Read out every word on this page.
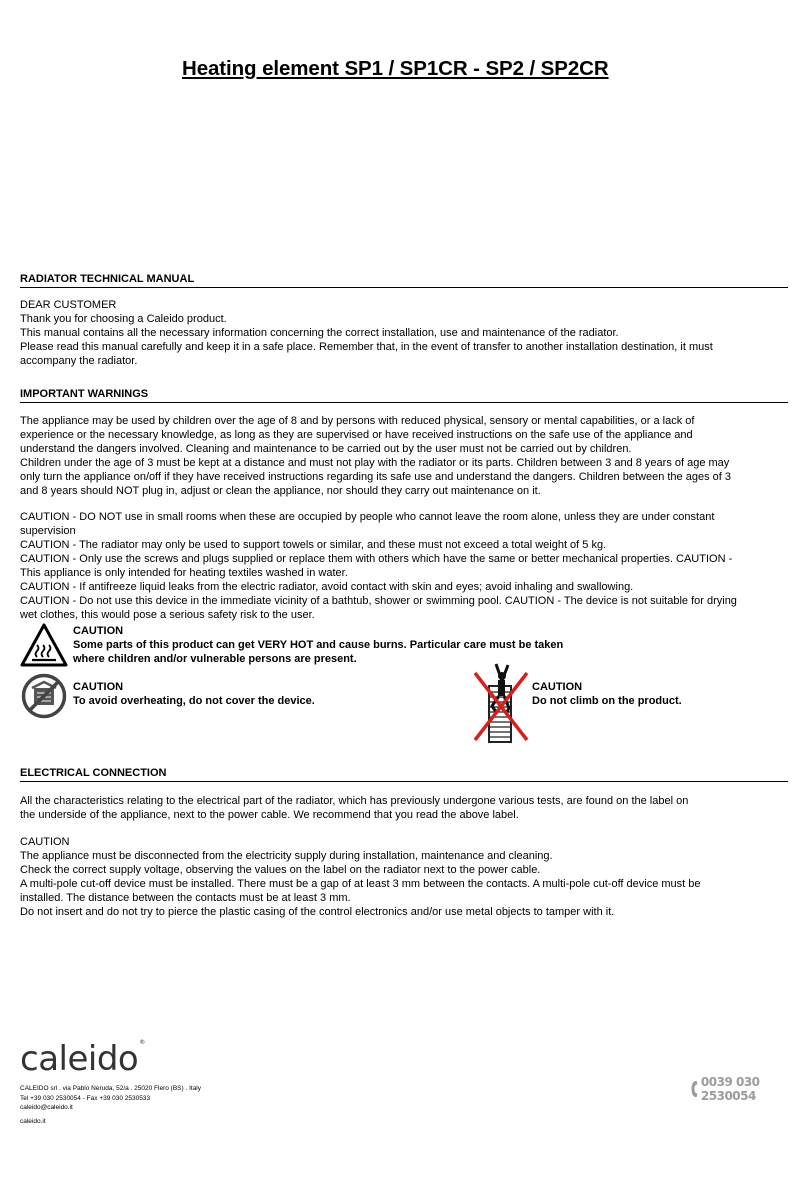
Heating element SP1 / SP1CR - SP2 / SP2CR
RADIATOR TECHNICAL MANUAL
DEAR CUSTOMER
Thank you for choosing a Caleido product.
This manual contains all the necessary information concerning the correct installation, use and maintenance of the radiator.
Please read this manual carefully and keep it in a safe place. Remember that, in the event of transfer to another installation destination, it must
accompany the radiator.
IMPORTANT WARNINGS
The appliance may be used by children over the age of 8 and by persons with reduced physical, sensory or mental capabilities, or a lack of
experience or the necessary knowledge, as long as they are supervised or have received instructions on the safe use of the appliance and
understand the dangers involved. Cleaning and maintenance to be carried out by the user must not be carried out by children.
Children under the age of 3 must be kept at a distance and must not play with the radiator or its parts. Children between 3 and 8 years of age may
only turn the appliance on/off if they have received instructions regarding its safe use and understand the dangers. Children between the ages of 3
and 8 years should NOT plug in, adjust or clean the appliance, nor should they carry out maintenance on it.
CAUTION - DO NOT use in small rooms when these are occupied by people who cannot leave the room alone, unless they are under constant
supervision
CAUTION - The radiator may only be used to support towels or similar, and these must not exceed a total weight of 5 kg.
CAUTION - Only use the screws and plugs supplied or replace them with others which have the same or better mechanical properties. CAUTION -
This appliance is only intended for heating textiles washed in water.
CAUTION - If antifreeze liquid leaks from the electric radiator, avoid contact with skin and eyes; avoid inhaling and swallowing.
CAUTION - Do not use this device in the immediate vicinity of a bathtub, shower or swimming pool. CAUTION - The device is not suitable for drying
wet clothes, this would pose a serious safety risk to the user.
CAUTION
Some parts of this product can get VERY HOT and cause burns. Particular care must be taken
where children and/or vulnerable persons are present.
CAUTION
To avoid overheating, do not cover the device.
CAUTION
Do not climb on the product.
ELECTRICAL CONNECTION
All the characteristics relating to the electrical part of the radiator, which has previously undergone various tests, are found on the label on
the underside of the appliance, next to the power cable. We recommend that you read the above label.
CAUTION
The appliance must be disconnected from the electricity supply during installation, maintenance and cleaning.
Check the correct supply voltage, observing the values on the label on the radiator next to the power cable.
A multi-pole cut-off device must be installed. There must be a gap of at least 3 mm between the contacts. A multi-pole cut-off device must be
installed. The distance between the contacts must be at least 3 mm.
Do not insert and do not try to pierce the plastic casing of the control electronics and/or use metal objects to tamper with it.
caleido®
CALEIDO srl . via Pablo Neruda, 52/a . 25020 Flero (BS) . Italy
Tel +39 030 2530054 - Fax +39 030 2530533
caleido@caleido.it
caleido.it
0039 030 2530054
